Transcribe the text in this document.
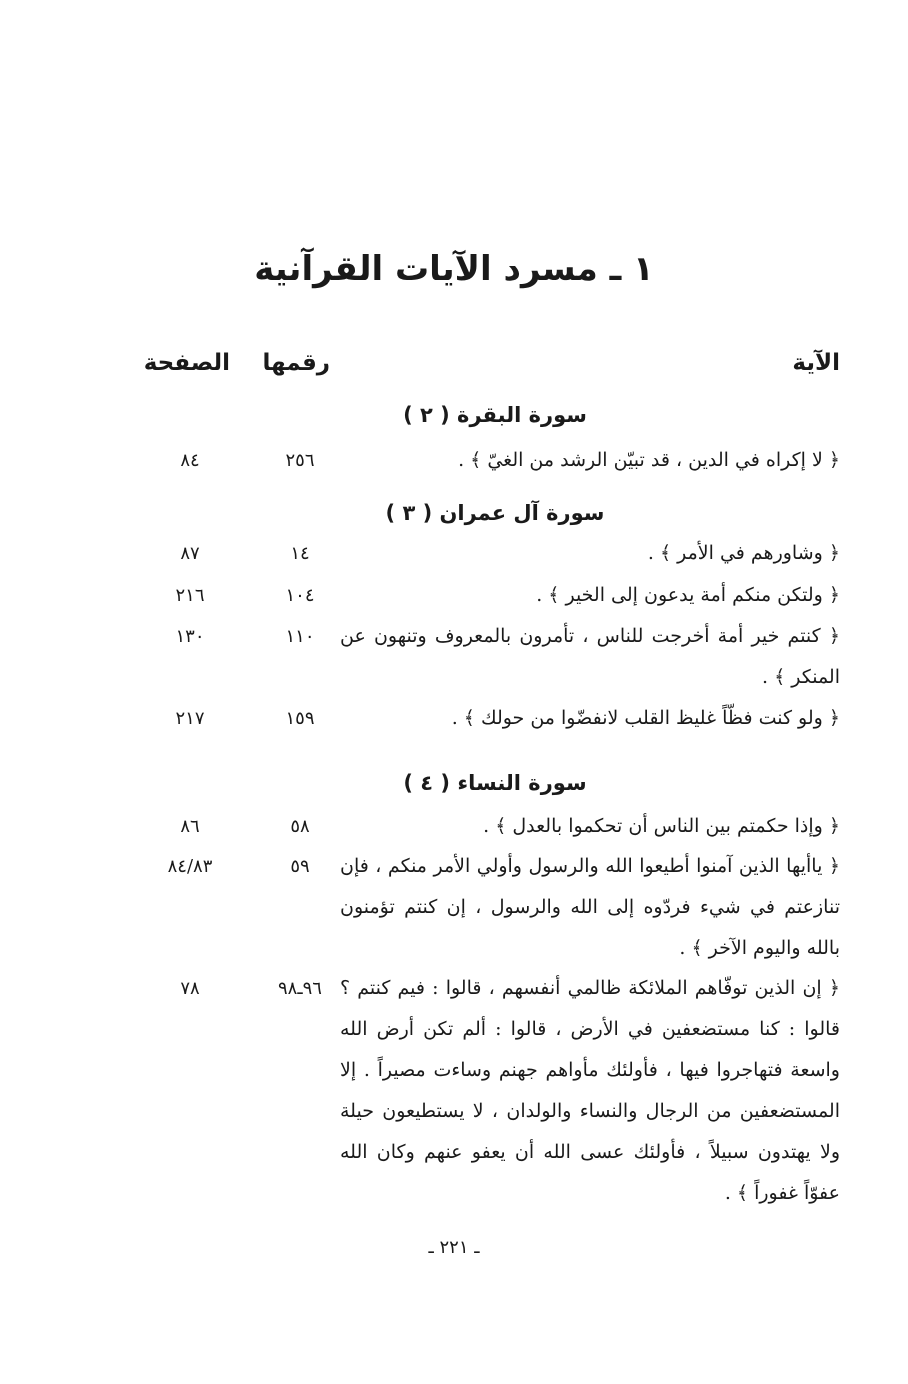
١ ـ مسرد الآيات القرآنية
الآية
رقمها
الصفحة
سورة البقرة ( ٢ )
﴿ لا إكراه في الدين ، قد تبيّن الرشد من الغيّ ﴾ .
٢٥٦
٨٤
سورة آل عمران ( ٣ )
﴿ وشاورهم في الأمر ﴾ .
١٤
٨٧
﴿ ولتكن منكم أمة يدعون إلى الخير ﴾ .
١٠٤
٢١٦
﴿ كنتم خير أمة أخرجت للناس ، تأمرون بالمعروف وتنهون عن المنكر ﴾ .
١١٠
١٣٠
﴿ ولو كنت فظّاً غليظ القلب لانفضّوا من حولك ﴾ .
١٥٩
٢١٧
سورة النساء ( ٤ )
﴿ وإذا حكمتم بين الناس أن تحكموا بالعدل ﴾ .
٥٨
٨٦
﴿ ياأيها الذين آمنوا أطيعوا الله والرسول وأولي الأمر منكم ، فإن تنازعتم في شيء فردّوه إلى الله والرسول ، إن كنتم تؤمنون بالله واليوم الآخر ﴾ .
٥٩
٨٤/٨٣
﴿ إن الذين توفّاهم الملائكة ظالمي أنفسهم ، قالوا : فيم كنتم ؟ قالوا : كنا مستضعفين في الأرض ، قالوا : ألم تكن أرض الله واسعة فتهاجروا فيها ، فأولئك مأواهم جهنم وساءت مصيراً . إلا المستضعفين من الرجال والنساء والولدان ، لا يستطيعون حيلة ولا يهتدون سبيلاً ، فأولئك عسى الله أن يعفو عنهم وكان الله عفوّاً غفوراً ﴾ .
٩٦ـ٩٨
٧٨
ـ ٢٢١ ـ
